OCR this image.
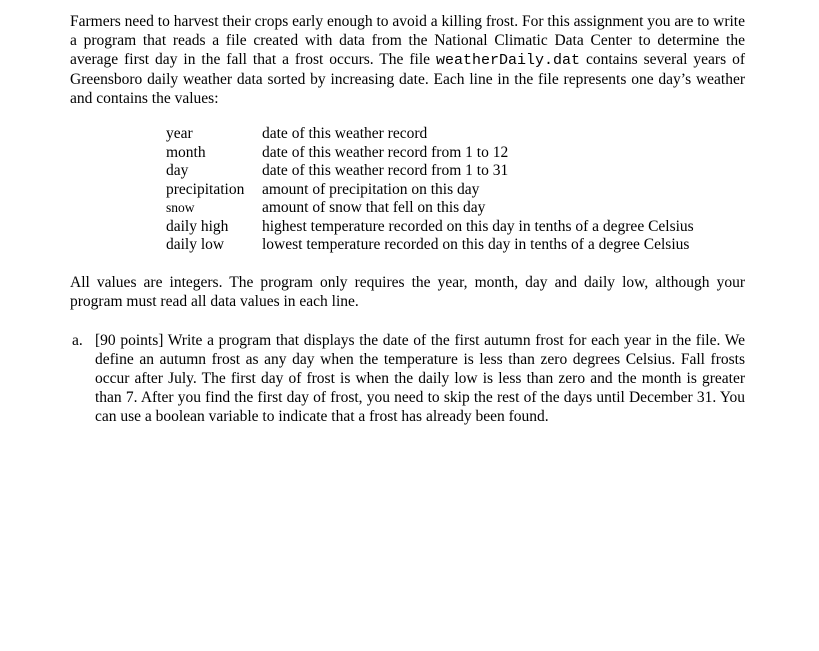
Farmers need to harvest their crops early enough to avoid a killing frost. For this assignment you are to write a program that reads a file created with data from the National Climatic Data Center to determine the average first day in the fall that a frost occurs. The file weatherDaily.dat contains several years of Greensboro daily weather data sorted by increasing date. Each line in the file represents one day’s weather and contains the values:

year	date of this weather record
month	date of this weather record from 1 to 12
day	date of this weather record from 1 to 31
precipitation	amount of precipitation on this day
snow	amount of snow that fell on this day
daily high	highest temperature recorded on this day in tenths of a degree Celsius
daily low	lowest temperature recorded on this day in tenths of a degree Celsius

All values are integers. The program only requires the year, month, day and daily low, although your program must read all data values in each line.

a. [90 points] Write a program that displays the date of the first autumn frost for each year in the file. We define an autumn frost as any day when the temperature is less than zero degrees Celsius. Fall frosts occur after July. The first day of frost is when the daily low is less than zero and the month is greater than 7. After you find the first day of frost, you need to skip the rest of the days until December 31. You can use a boolean variable to indicate that a frost has already been found.
